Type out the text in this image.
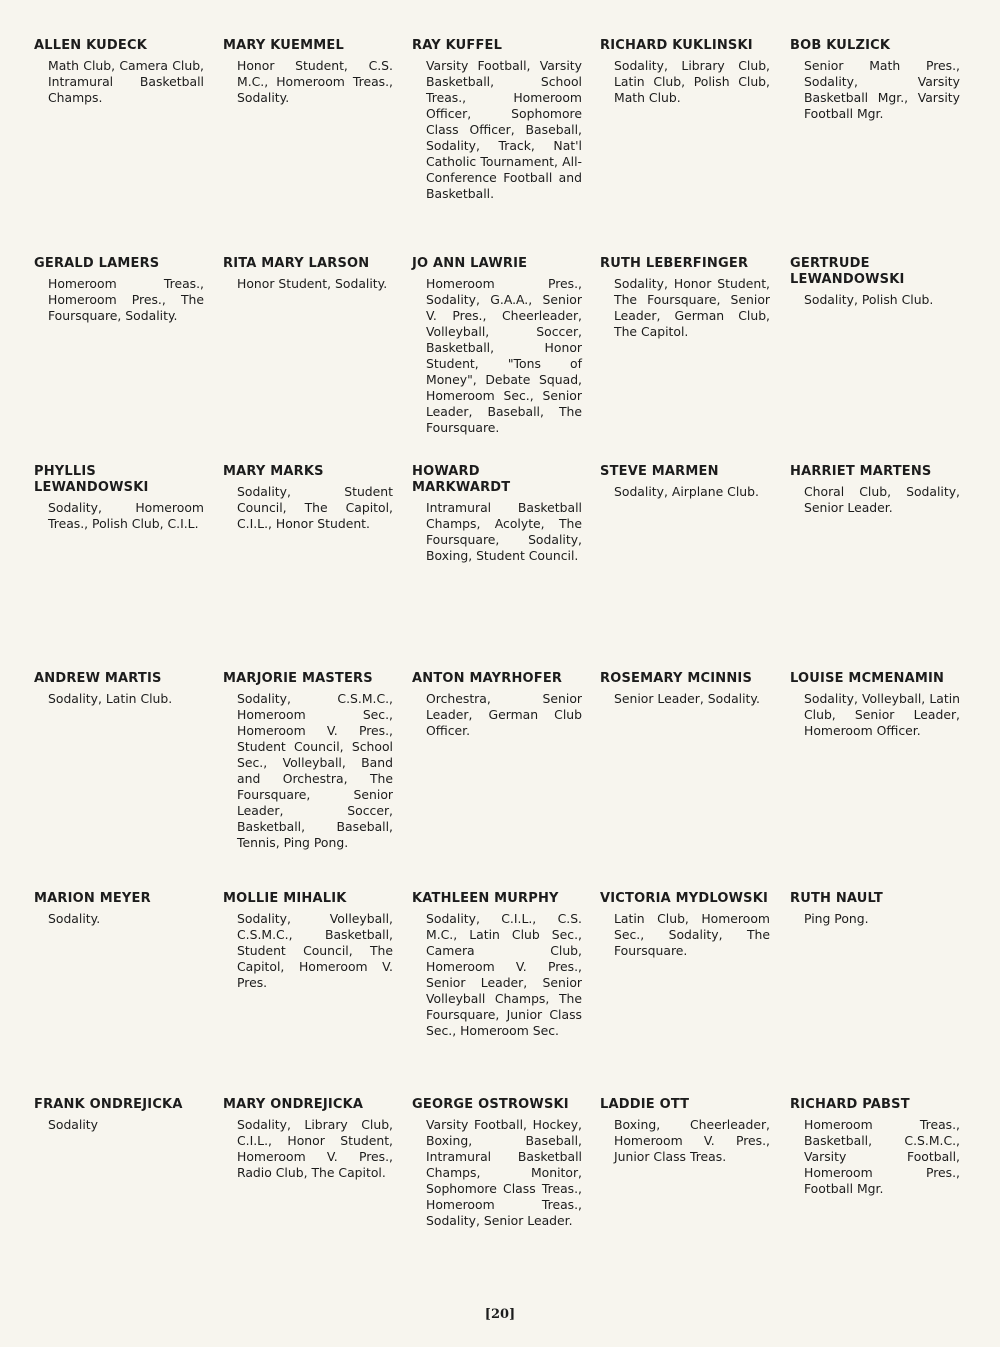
ALLEN KUDECK
Math Club, Camera Club, Intramural Basketball Champs.
MARY KUEMMEL
Honor Student, C.S. M.C., Homeroom Treas., Sodality.
RAY KUFFEL
Varsity Football, Varsity Basketball, School Treas., Homeroom Officer, Sophomore Class Officer, Baseball, Sodality, Track, Nat'l Catholic Tournament, All-Conference Football and Basketball.
RICHARD KUKLINSKI
Sodality, Library Club, Latin Club, Polish Club, Math Club.
BOB KULZICK
Senior Math Pres., Sodality, Varsity Basketball Mgr., Varsity Football Mgr.
GERALD LAMERS
Homeroom Treas., Homeroom Pres., The Foursquare, Sodality.
RITA MARY LARSON
Honor Student, Sodality.
JO ANN LAWRIE
Homeroom Pres., Sodality, G.A.A., Senior V. Pres., Cheerleader, Volleyball, Soccer, Basketball, Honor Student, "Tons of Money", Debate Squad, Homeroom Sec., Senior Leader, Baseball, The Foursquare.
RUTH LEBERFINGER
Sodality, Honor Student, The Foursquare, Senior Leader, German Club, The Capitol.
GERTRUDE LEWANDOWSKI
Sodality, Polish Club.
PHYLLIS LEWANDOWSKI
Sodality, Homeroom Treas., Polish Club, C.I.L.
MARY MARKS
Sodality, Student Council, The Capitol, C.I.L., Honor Student.
HOWARD MARKWARDT
Intramural Basketball Champs, Acolyte, The Foursquare, Sodality, Boxing, Student Council.
STEVE MARMEN
Sodality, Airplane Club.
HARRIET MARTENS
Choral Club, Sodality, Senior Leader.
ANDREW MARTIS
Sodality, Latin Club.
MARJORIE MASTERS
Sodality, C.S.M.C., Homeroom Sec., Homeroom V. Pres., Student Council, School Sec., Volleyball, Band and Orchestra, The Foursquare, Senior Leader, Soccer, Basketball, Baseball, Tennis, Ping Pong.
ANTON MAYRHOFER
Orchestra, Senior Leader, German Club Officer.
ROSEMARY MCINNIS
Senior Leader, Sodality.
LOUISE MCMENAMIN
Sodality, Volleyball, Latin Club, Senior Leader, Homeroom Officer.
MARION MEYER
Sodality.
MOLLIE MIHALIK
Sodality, Volleyball, C.S.M.C., Basketball, Student Council, The Capitol, Homeroom V. Pres.
KATHLEEN MURPHY
Sodality, C.I.L., C.S. M.C., Latin Club Sec., Camera Club, Homeroom V. Pres., Senior Leader, Senior Volleyball Champs, The Foursquare, Junior Class Sec., Homeroom Sec.
VICTORIA MYDLOWSKI
Latin Club, Homeroom Sec., Sodality, The Foursquare.
RUTH NAULT
Ping Pong.
FRANK ONDREJICKA
Sodality
MARY ONDREJICKA
Sodality, Library Club, C.I.L., Honor Student, Homeroom V. Pres., Radio Club, The Capitol.
GEORGE OSTROWSKI
Varsity Football, Hockey, Boxing, Baseball, Intramural Basketball Champs, Monitor, Sophomore Class Treas., Homeroom Treas., Sodality, Senior Leader.
LADDIE OTT
Boxing, Cheerleader, Homeroom V. Pres., Junior Class Treas.
RICHARD PABST
Homeroom Treas., Basketball, C.S.M.C., Varsity Football, Homeroom Pres., Football Mgr.
[20]
